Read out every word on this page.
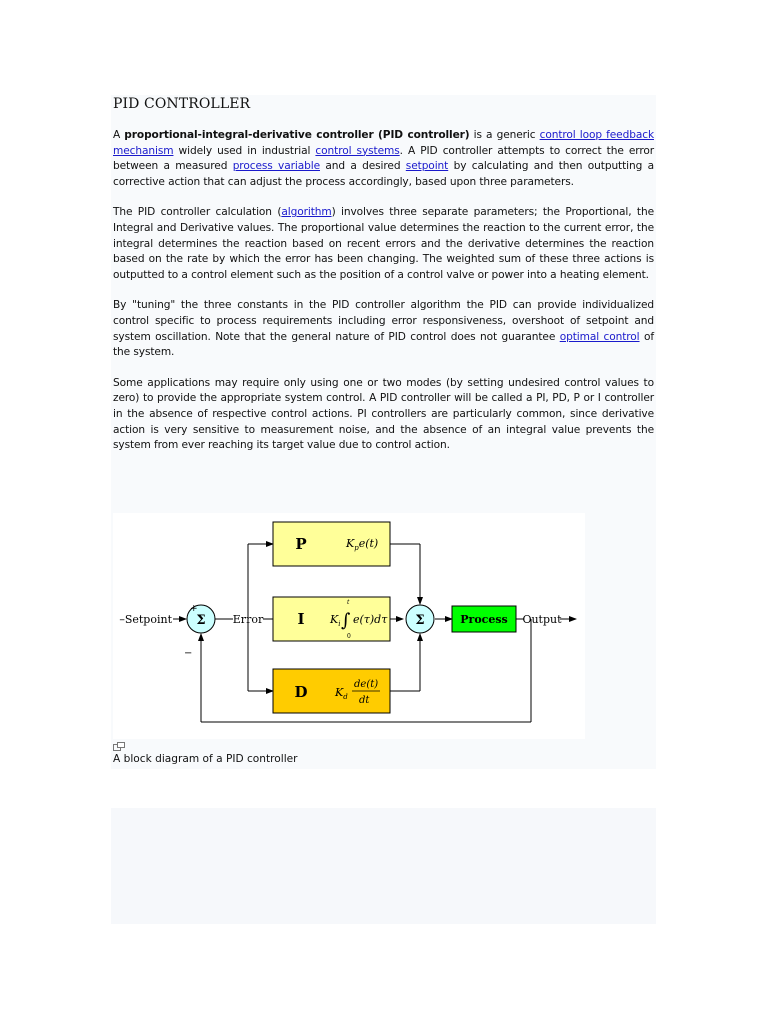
PID CONTROLLER

A proportional-integral-derivative controller (PID controller) is a generic control loop feedback mechanism widely used in industrial control systems. A PID controller attempts to correct the error between a measured process variable and a desired setpoint by calculating and then outputting a corrective action that can adjust the process accordingly, based upon three parameters.

The PID controller calculation (algorithm) involves three separate parameters; the Proportional, the Integral and Derivative values. The proportional value determines the reaction to the current error, the integral determines the reaction based on recent errors and the derivative determines the reaction based on the rate by which the error has been changing. The weighted sum of these three actions is outputted to a control element such as the position of a control valve or power into a heating element.

By "tuning" the three constants in the PID controller algorithm the PID can provide individualized control specific to process requirements including error responsiveness, overshoot of setpoint and system oscillation. Note that the general nature of PID control does not guarantee optimal control of the system.

Some applications may require only using one or two modes (by setting undesired control values to zero) to provide the appropriate system control. A PID controller will be called a PI, PD, P or I controller in the absence of respective control actions. PI controllers are particularly common, since derivative action is very sensitive to measurement noise, and the absence of an integral value prevents the system from ever reaching its target value due to control action.

–Setpoint
+
−
Σ	Σ
Error	Output
P
I
D
Process
$K_pe(t)$
$K_i$ ∫
t
0
e(τ)dτ
$K_d$
de(t)
dt
A block diagram of a PID controller
